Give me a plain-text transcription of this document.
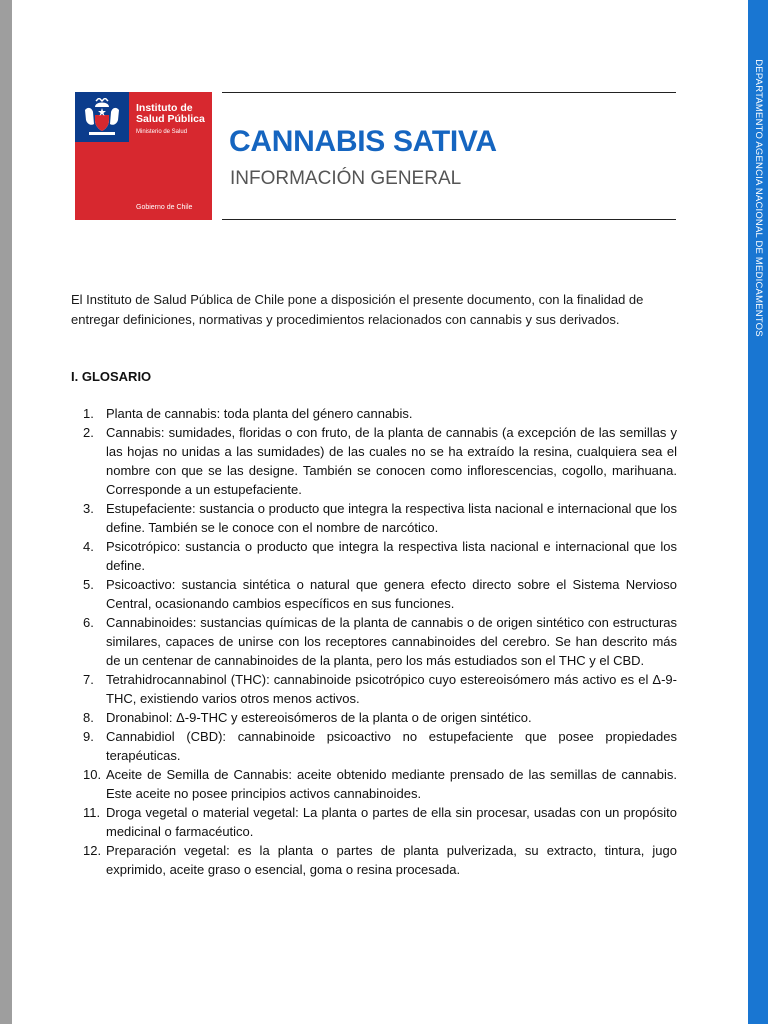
DEPARTAMENTO AGENCIA NACIONAL DE MEDICAMENTOS
Instituto de Salud Pública
Ministerio de Salud
Gobierno de Chile
CANNABIS SATIVA
INFORMACIÓN GENERAL

El Instituto de Salud Pública de Chile pone a disposición el presente documento, con la finalidad de entregar definiciones, normativas y procedimientos relacionados con cannabis y sus derivados.

I. GLOSARIO
1. Planta de cannabis: toda planta del género cannabis.
2. Cannabis: sumidades, floridas o con fruto, de la planta de cannabis (a excepción de las semillas y las hojas no unidas a las sumidades) de las cuales no se ha extraído la resina, cualquiera sea el nombre con que se las designe. También se conocen como inflorescencias, cogollo, marihuana. Corresponde a un estupefaciente.
3. Estupefaciente: sustancia o producto que integra la respectiva lista nacional e internacional que los define. También se le conoce con el nombre de narcótico.
4. Psicotrópico: sustancia o producto que integra la respectiva lista nacional e internacional que los define.
5. Psicoactivo: sustancia sintética o natural que genera efecto directo sobre el Sistema Nervioso Central, ocasionando cambios específicos en sus funciones.
6. Cannabinoides: sustancias químicas de la planta de cannabis o de origen sintético con estructuras similares, capaces de unirse con los receptores cannabinoides del cerebro. Se han descrito más de un centenar de cannabinoides de la planta, pero los más estudiados son el THC y el CBD.
7. Tetrahidrocannabinol (THC): cannabinoide psicotrópico cuyo estereoisómero más activo es el Δ-9-THC, existiendo varios otros menos activos.
8. Dronabinol: Δ-9-THC y estereoisómeros de la planta o de origen sintético.
9. Cannabidiol (CBD): cannabinoide psicoactivo no estupefaciente que posee propiedades terapéuticas.
10. Aceite de Semilla de Cannabis: aceite obtenido mediante prensado de las semillas de cannabis. Este aceite no posee principios activos cannabinoides.
11. Droga vegetal o material vegetal: La planta o partes de ella sin procesar, usadas con un propósito medicinal o farmacéutico.
12. Preparación vegetal: es la planta o partes de planta pulverizada, su extracto, tintura, jugo exprimido, aceite graso o esencial, goma o resina procesada.
